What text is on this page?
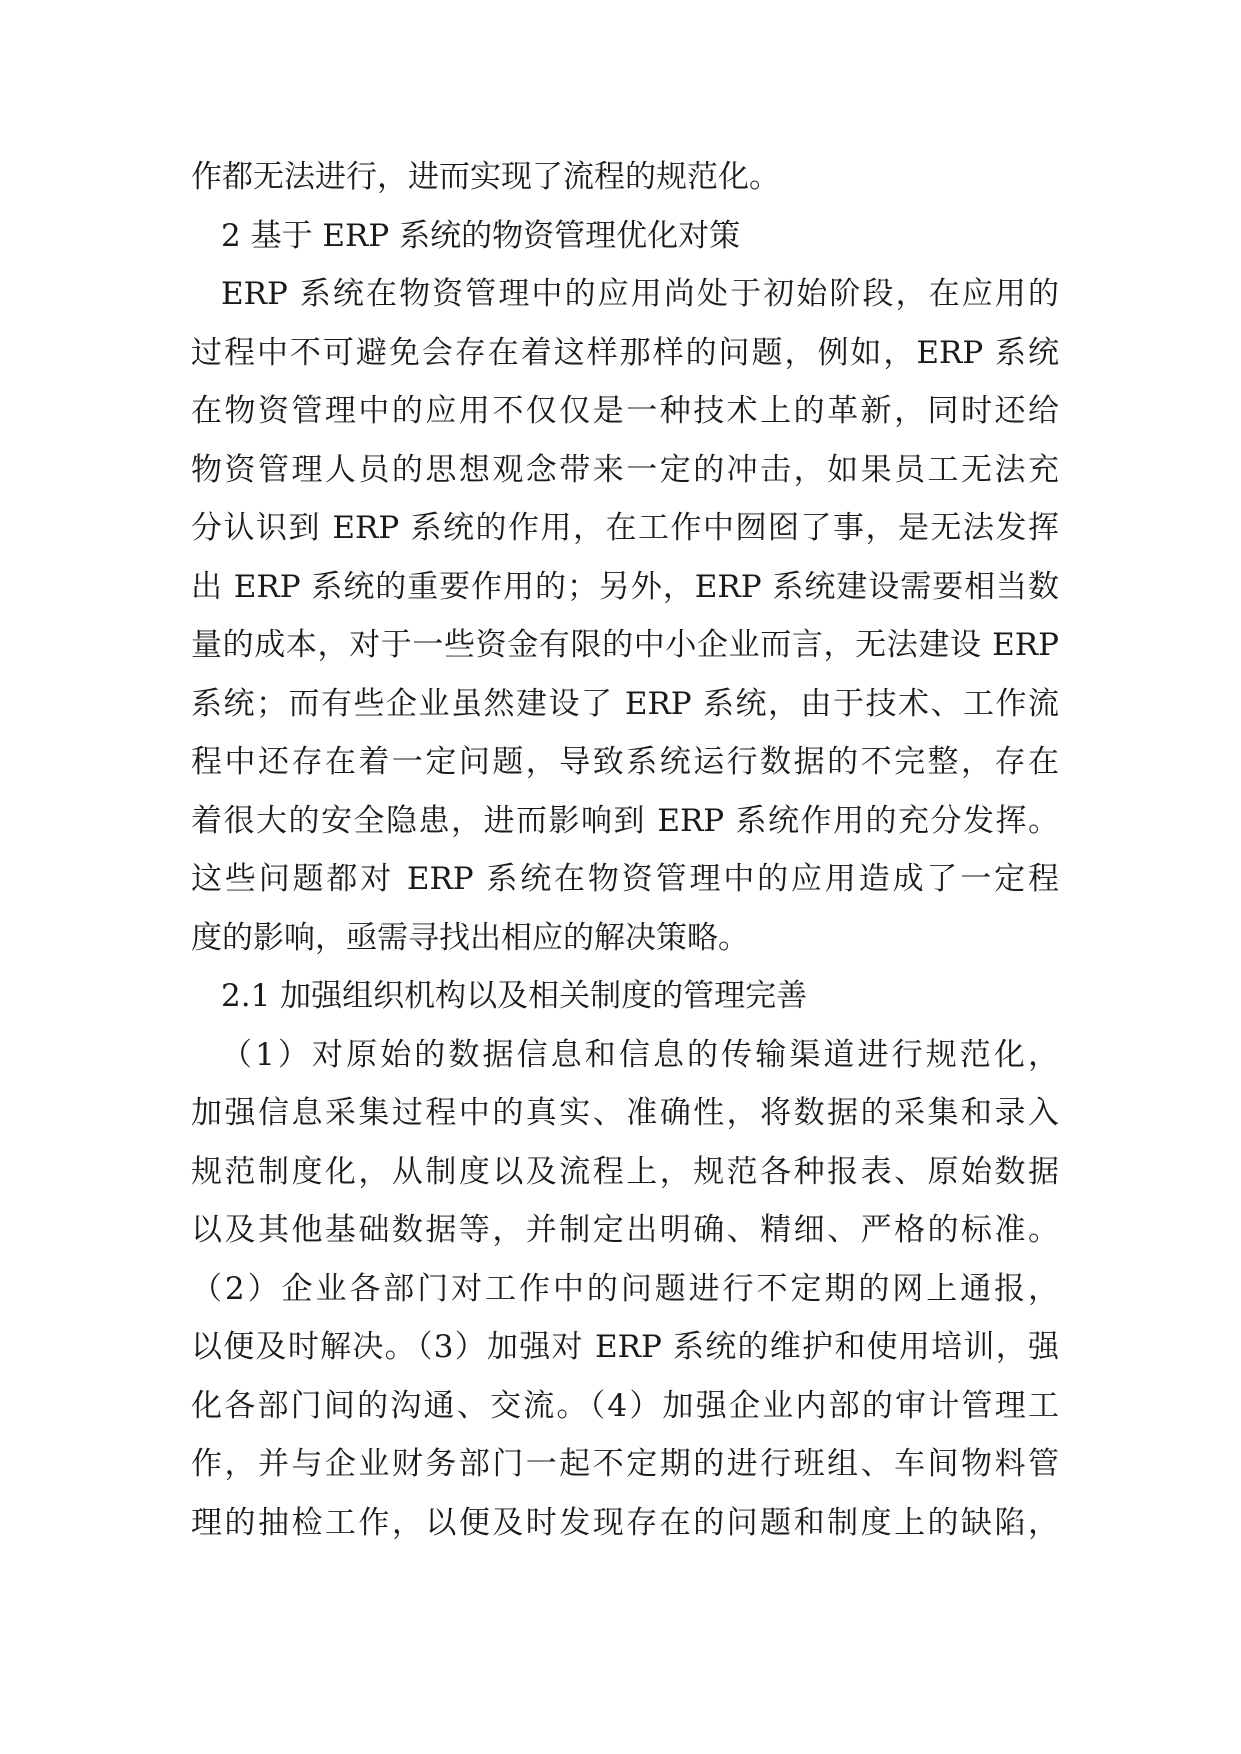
作都无法进行，进而实现了流程的规范化。
2 基于 ERP 系统的物资管理优化对策
ERP 系统在物资管理中的应用尚处于初始阶段，在应用的
过程中不可避免会存在着这样那样的问题，例如，ERP 系统
在物资管理中的应用不仅仅是一种技术上的革新，同时还给
物资管理人员的思想观念带来一定的冲击，如果员工无法充
分认识到 ERP 系统的作用，在工作中囫囵了事，是无法发挥
出 ERP 系统的重要作用的；另外，ERP 系统建设需要相当数
量的成本，对于一些资金有限的中小企业而言，无法建设 ERP
系统；而有些企业虽然建设了 ERP 系统，由于技术、工作流
程中还存在着一定问题，导致系统运行数据的不完整，存在
着很大的安全隐患，进而影响到 ERP 系统作用的充分发挥。
这些问题都对 ERP 系统在物资管理中的应用造成了一定程
度的影响，亟需寻找出相应的解决策略。
2.1 加强组织机构以及相关制度的管理完善
（1）对原始的数据信息和信息的传输渠道进行规范化，
加强信息采集过程中的真实、准确性，将数据的采集和录入
规范制度化，从制度以及流程上，规范各种报表、原始数据
以及其他基础数据等，并制定出明确、精细、严格的标准。
（2）企业各部门对工作中的问题进行不定期的网上通报，
以便及时解决。（3）加强对 ERP 系统的维护和使用培训，强
化各部门间的沟通、交流。（4）加强企业内部的审计管理工
作，并与企业财务部门一起不定期的进行班组、车间物料管
理的抽检工作，以便及时发现存在的问题和制度上的缺陷，
